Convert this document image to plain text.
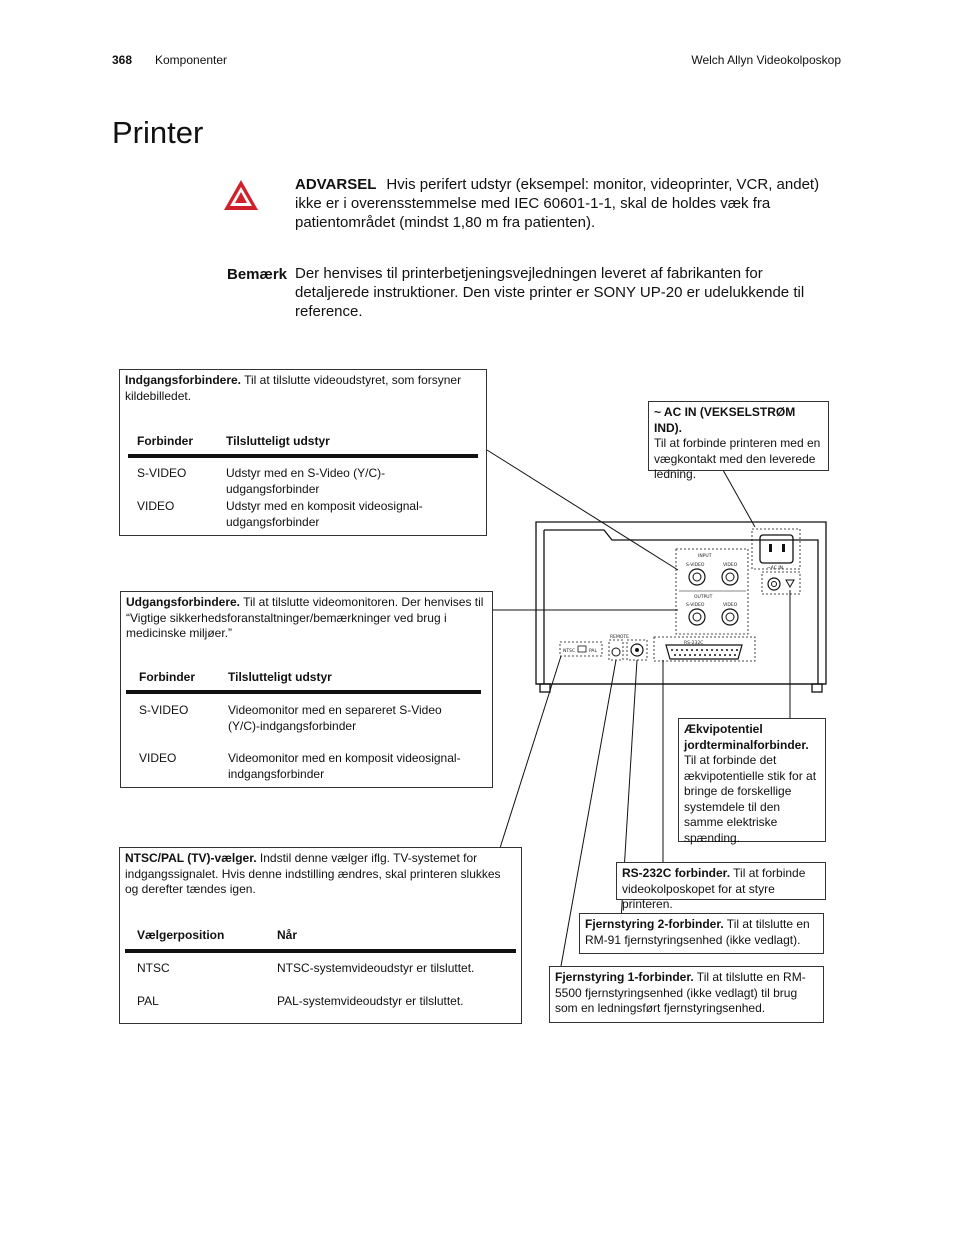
368 Komponenter	Welch Allyn Videokolposkop
Printer
ADVARSEL Hvis perifert udstyr (eksempel: monitor, videoprinter, VCR, andet) ikke er i overensstemmelse med IEC 60601-1-1, skal de holdes væk fra patientområdet (mindst 1,80 m fra patienten).
Bemærk Der henvises til printerbetjeningsvejledningen leveret af fabrikanten for detaljerede instruktioner. Den viste printer er SONY UP-20 er udelukkende til reference.
INPUT
S-VIDEO	VIDEO
OUTPUT
S-VIDEO	VIDEO
~AC IN
NTSC	PAL
REMOTE
RS-232C
Indgangsforbindere. Til at tilslutte videoudstyret, som forsyner kildebilledet.
Forbinder	Tilslutteligt udstyr
S-VIDEO	Udstyr med en S-Video (Y/C)-udgangsforbinder
VIDEO	Udstyr med en komposit videosignal-udgangsforbinder
Udgangsforbindere. Til at tilslutte videomonitoren. Der henvises til “Vigtige sikkerhedsforanstaltninger/bemærkninger ved brug i medicinske miljøer.”
Forbinder	Tilslutteligt udstyr
S-VIDEO	Videomonitor med en separeret S-Video (Y/C)-indgangsforbinder
VIDEO	Videomonitor med en komposit videosignal-indgangsforbinder
NTSC/PAL (TV)-vælger. Indstil denne vælger iflg. TV-systemet for indgangssignalet. Hvis denne indstilling ændres, skal printeren slukkes og derefter tændes igen.
Vælgerposition	Når
NTSC	NTSC-systemvideoudstyr er tilsluttet.
PAL	PAL-systemvideoudstyr er tilsluttet.
~ AC IN (VEKSELSTRØM IND).
Til at forbinde printeren med en vægkontakt med den leverede ledning.
Ækvipotentiel jordterminalforbinder.
Til at forbinde det ækvipotentielle stik for at bringe de forskellige systemdele til den samme elektriske spænding.
RS-232C forbinder. Til at forbinde videokolposkopet for at styre printeren.
Fjernstyring 2-forbinder. Til at tilslutte en RM-91 fjernstyringsenhed (ikke vedlagt).
Fjernstyring 1-forbinder. Til at tilslutte en RM-5500 fjernstyringsenhed (ikke vedlagt) til brug som en ledningsført fjernstyringsenhed.
